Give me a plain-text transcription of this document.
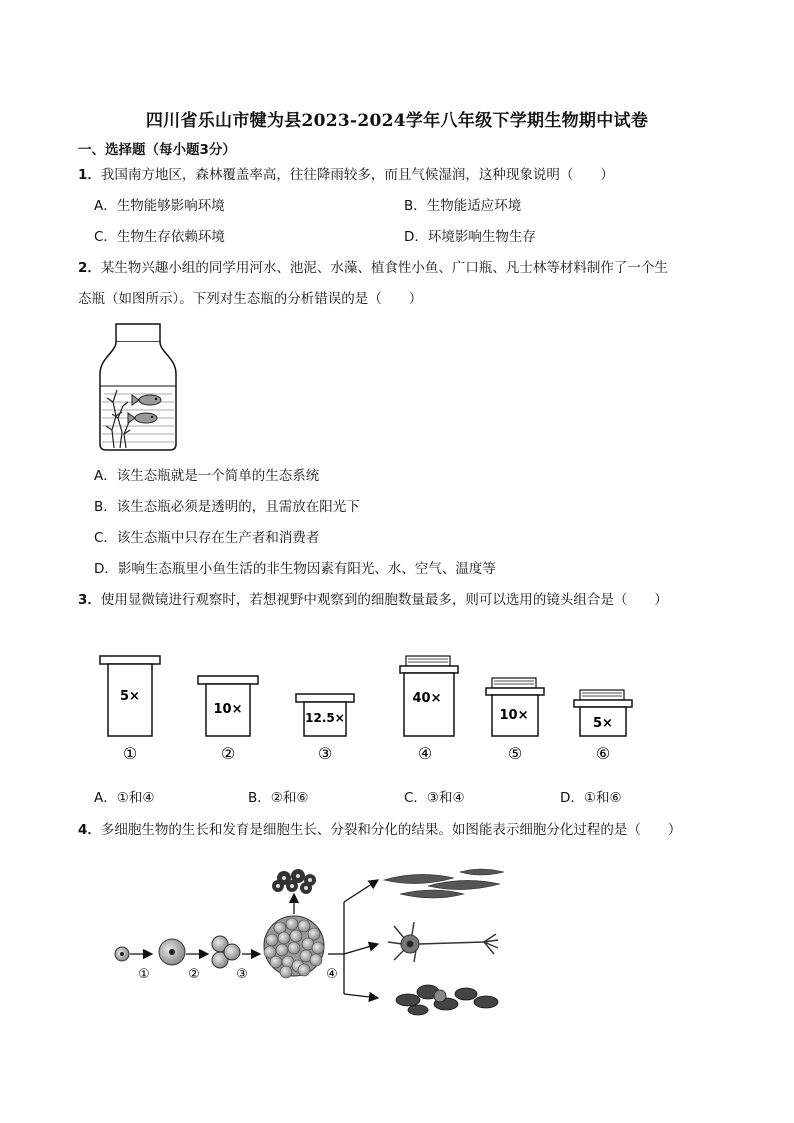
四川省乐山市犍为县2023-2024学年八年级下学期生物期中试卷
一、选择题（每小题3分）
1．我国南方地区，森林覆盖率高，往往降雨较多，而且气候湿润，这种现象说明（　　）
A．生物能够影响环境	B．生物能适应环境
C．生物生存依赖环境	D．环境影响生物生存
2．某生物兴趣小组的同学用河水、池泥、水藻、植食性小鱼、广口瓶、凡士林等材料制作了一个生
态瓶（如图所示）。下列对生态瓶的分析错误的是（　　）
A．该生态瓶就是一个简单的生态系统
B．该生态瓶必须是透明的，且需放在阳光下
C．该生态瓶中只存在生产者和消费者
D．影响生态瓶里小鱼生活的非生物因素有阳光、水、空气、温度等
3．使用显微镜进行观察时，若想视野中观察到的细胞数量最多，则可以选用的镜头组合是（　　）
5×
①
10×
②
12.5×
③
40×
④
10×
⑤
5×
⑥
A．①和④	B．②和⑥	C．③和④	D．①和⑥
4．多细胞生物的生长和发育是细胞生长、分裂和分化的结果。如图能表示细胞分化过程的是（　　）
①	②	③	④
